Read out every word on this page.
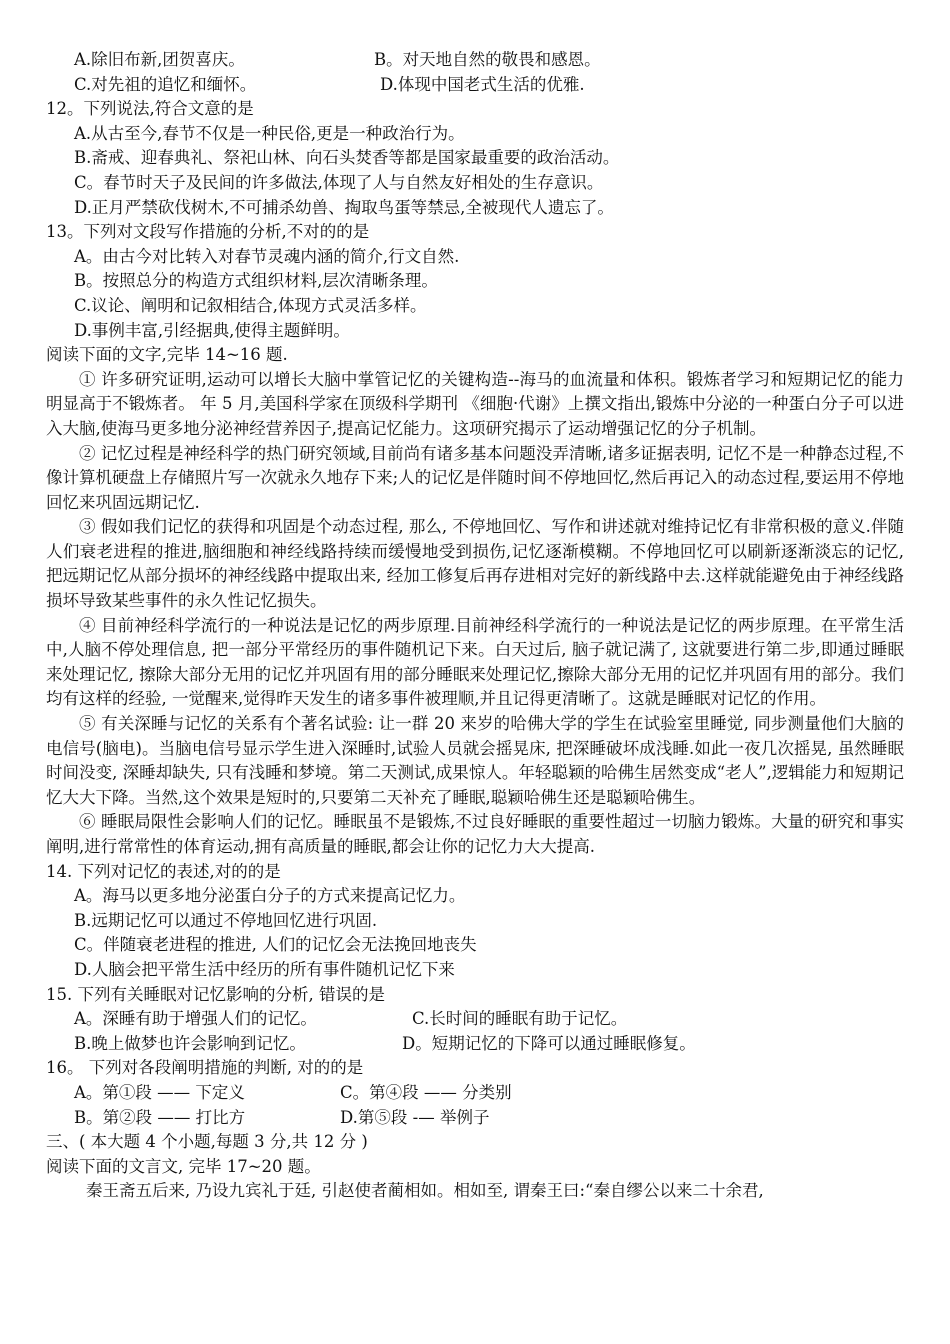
A.除旧布新,团贺喜庆。	B。对天地自然的敬畏和感恩。
C.对先祖的追忆和缅怀。	D.体现中国老式生活的优雅.
12。下列说法,符合文意的是
A.从古至今,春节不仅是一种民俗,更是一种政治行为。
B.斋戒、迎春典礼、祭祀山林、向石头焚香等都是国家最重要的政治活动。
C。春节时天子及民间的许多做法,体现了人与自然友好相处的生存意识。
D.正月严禁砍伐树木,不可捕杀幼兽、掏取鸟蛋等禁忌,全被现代人遗忘了。
13。下列对文段写作措施的分析,不对的的是
A。由古今对比转入对春节灵魂内涵的简介,行文自然.
B。按照总分的构造方式组织材料,层次清晰条理。
C.议论、阐明和记叙相结合,体现方式灵活多样。
D.事例丰富,引经据典,使得主题鲜明。
阅读下面的文字,完毕 14~16 题.

① 许多研究证明,运动可以增长大脑中掌管记忆的关键构造--海马的血流量和体积。锻炼者学习和短期记忆的能力明显高于不锻炼者。 年 5 月,美国科学家在顶级科学期刊 《细胞·代谢》上撰文指出,锻炼中分泌的一种蛋白分子可以进入大脑,使海马更多地分泌神经营养因子,提高记忆能力。这项研究揭示了运动增强记忆的分子机制。

② 记忆过程是神经科学的热门研究领域,目前尚有诸多基本问题没弄清晰,诸多证据表明, 记忆不是一种静态过程,不像计算机硬盘上存储照片写一次就永久地存下来;人的记忆是伴随时间不停地回忆,然后再记入的动态过程,要运用不停地回忆来巩固远期记忆.

③ 假如我们记忆的获得和巩固是个动态过程, 那么, 不停地回忆、写作和讲述就对维持记忆有非常积极的意义.伴随人们衰老进程的推进,脑细胞和神经线路持续而缓慢地受到损伤,记忆逐渐模糊。不停地回忆可以刷新逐渐淡忘的记忆, 把远期记忆从部分损坏的神经线路中提取出来, 经加工修复后再存进相对完好的新线路中去.这样就能避免由于神经线路损坏导致某些事件的永久性记忆损失。

④ 目前神经科学流行的一种说法是记忆的两步原理.目前神经科学流行的一种说法是记忆的两步原理。在平常生活中,人脑不停处理信息, 把一部分平常经历的事件随机记下来。白天过后, 脑子就记满了, 这就要进行第二步,即通过睡眠来处理记忆, 擦除大部分无用的记忆并巩固有用的部分睡眠来处理记忆,擦除大部分无用的记忆并巩固有用的部分。我们均有这样的经验, 一觉醒来,觉得昨天发生的诸多事件被理顺,并且记得更清晰了。这就是睡眠对记忆的作用。

⑤ 有关深睡与记忆的关系有个著名试验: 让一群 20 来岁的哈佛大学的学生在试验室里睡觉, 同步测量他们大脑的电信号(脑电)。当脑电信号显示学生进入深睡时,试验人员就会摇晃床, 把深睡破坏成浅睡.如此一夜几次摇晃, 虽然睡眠时间没变, 深睡却缺失, 只有浅睡和梦境。第二天测试,成果惊人。年轻聪颖的哈佛生居然变成“老人”,逻辑能力和短期记忆大大下降。当然,这个效果是短时的,只要第二天补充了睡眠,聪颖哈佛生还是聪颖哈佛生。

⑥ 睡眠局限性会影响人们的记忆。睡眠虽不是锻炼,不过良好睡眠的重要性超过一切脑力锻炼。大量的研究和事实阐明,进行常常性的体育运动,拥有高质量的睡眠,都会让你的记忆力大大提高.

14. 下列对记忆的表述,对的的是
A。海马以更多地分泌蛋白分子的方式来提高记忆力。
B.远期记忆可以通过不停地回忆进行巩固.
C。伴随衰老进程的推进, 人们的记忆会无法挽回地丧失
D.人脑会把平常生活中经历的所有事件随机记忆下来
15. 下列有关睡眠对记忆影响的分析, 错误的是
A。深睡有助于增强人们的记忆。	C.长时间的睡眠有助于记忆。
B.晚上做梦也许会影响到记忆。	D。短期记忆的下降可以通过睡眠修复。
16。 下列对各段阐明措施的判断, 对的的是
A。第①段 —— 下定义	C。第④段 —— 分类别
B。第②段 —— 打比方	D.第⑤段 -— 举例子
三、( 本大题 4 个小题,每题 3 分,共 12 分 )
阅读下面的文言文, 完毕 17~20 题。
秦王斋五后来, 乃设九宾礼于廷, 引赵使者蔺相如。相如至, 谓秦王曰:“秦自缪公以来二十余君,
